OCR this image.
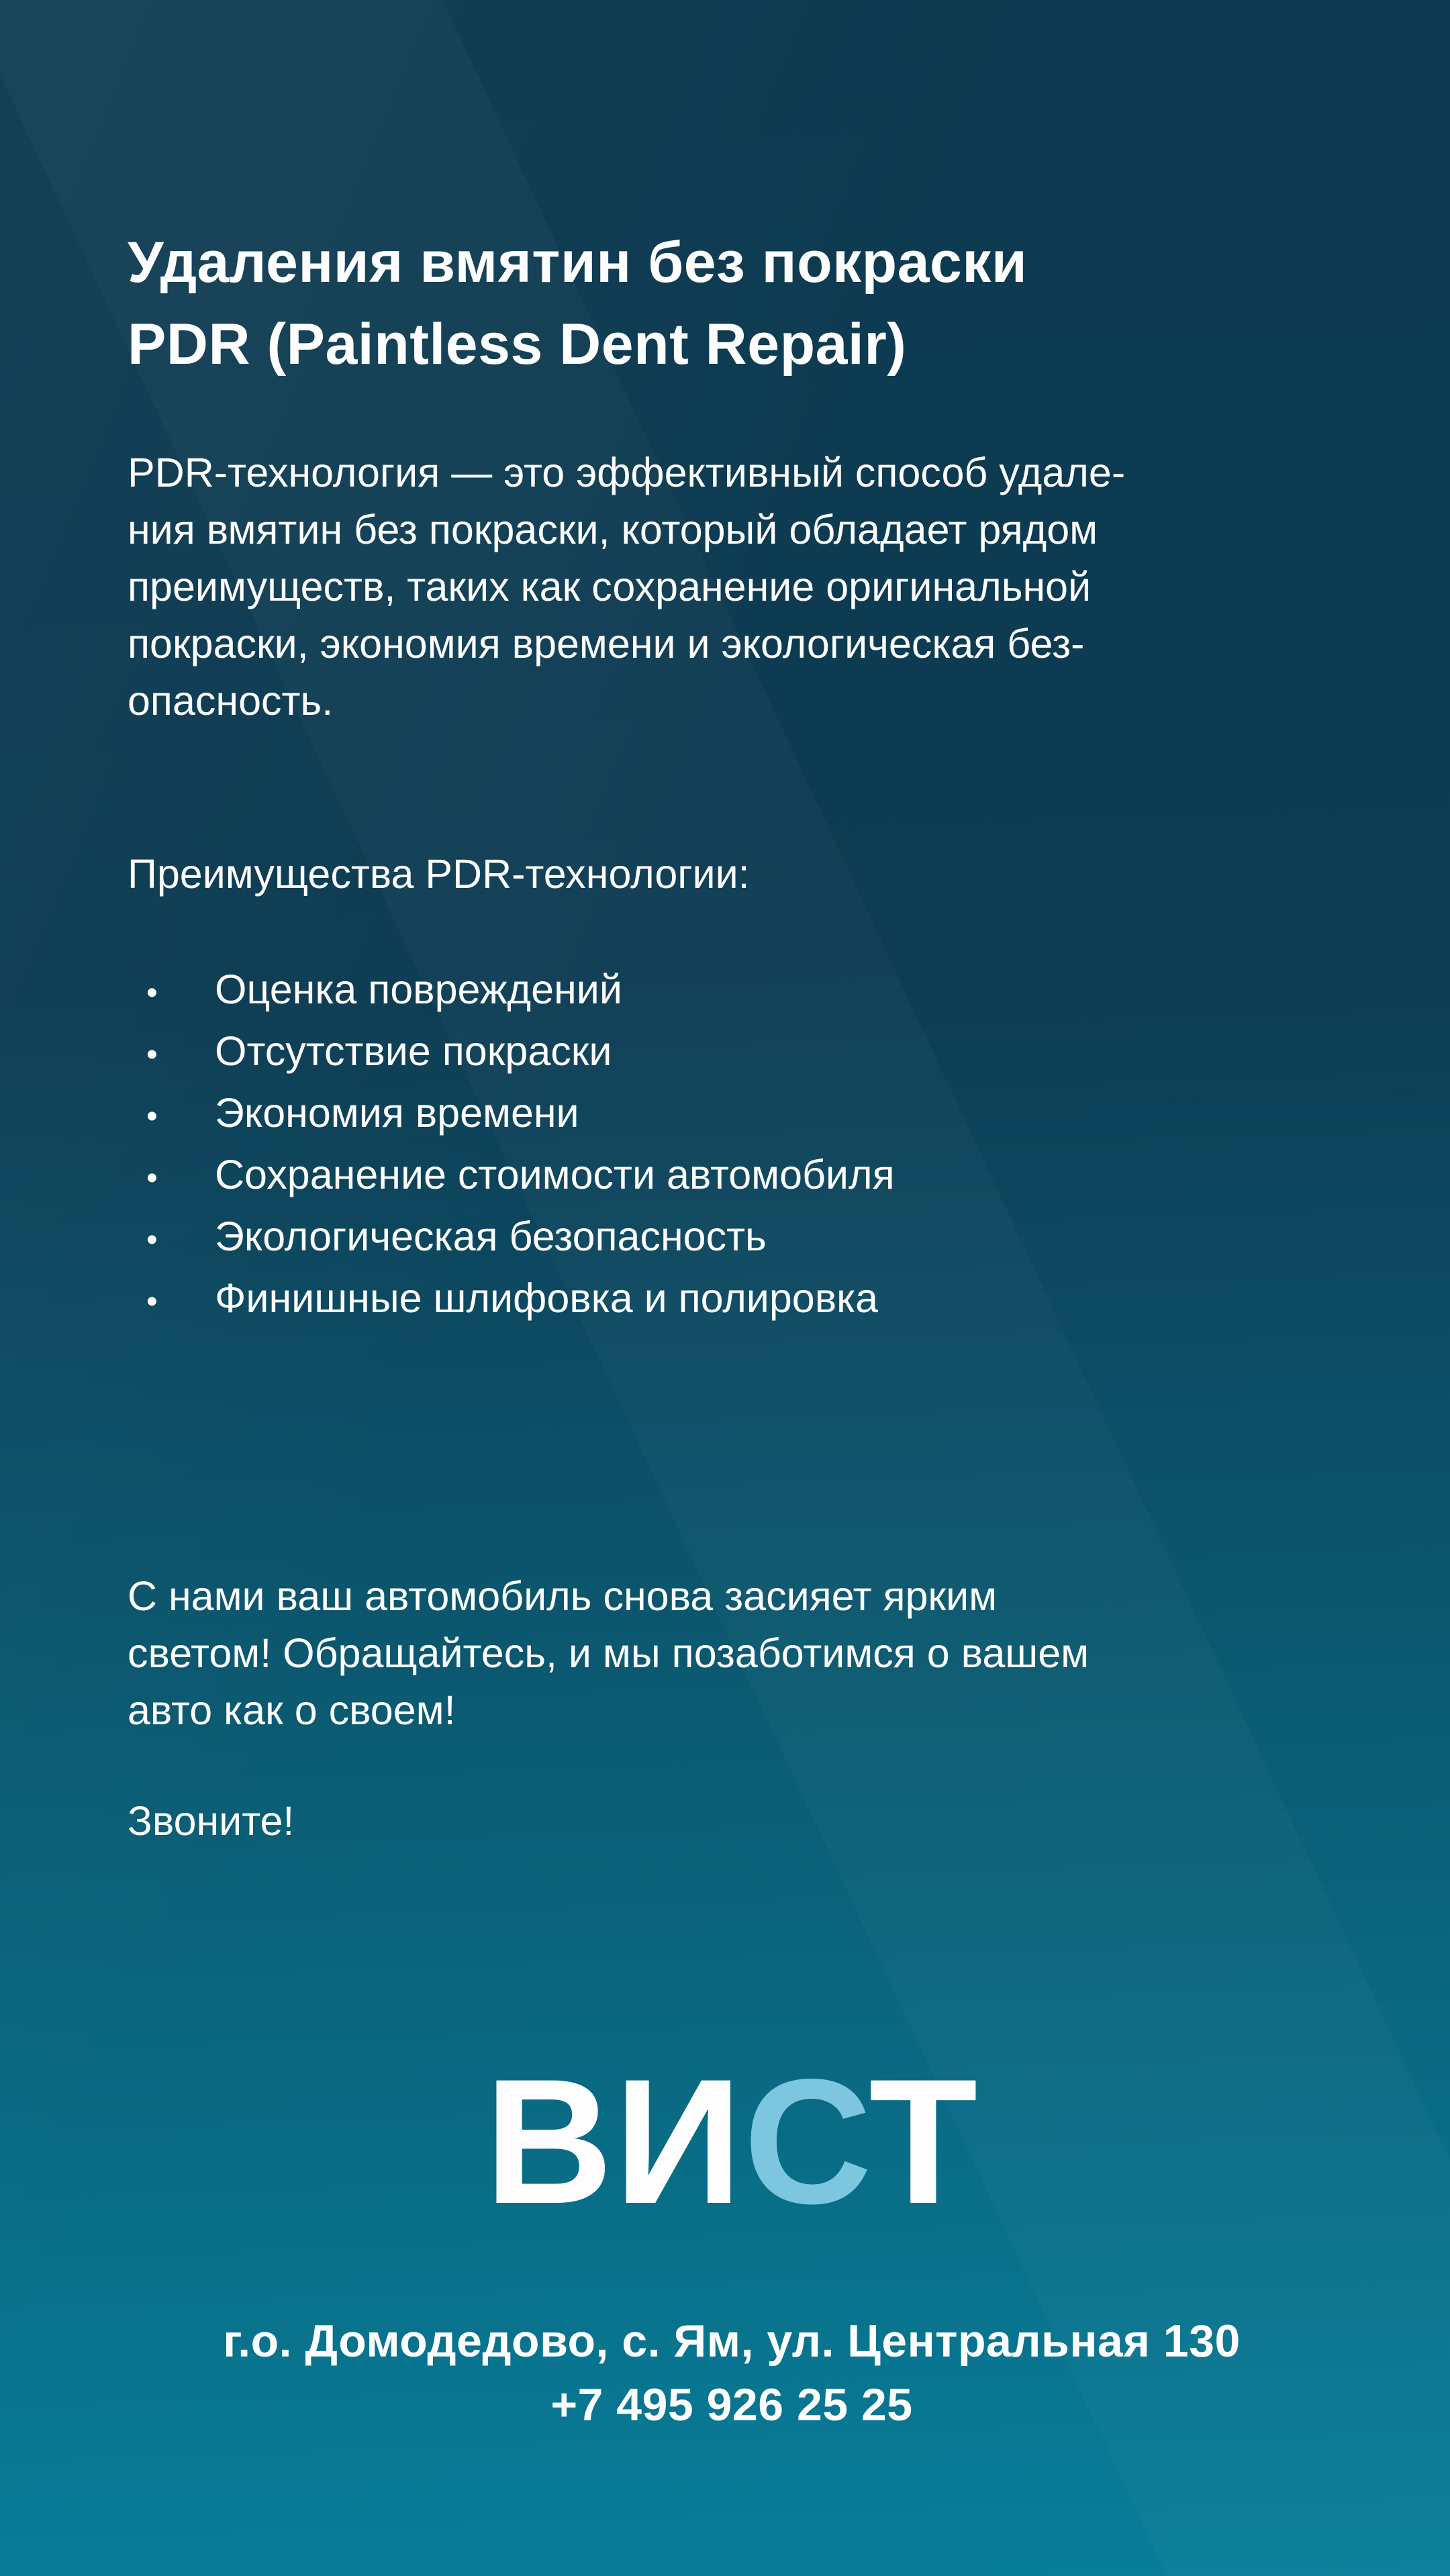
Удаления вмятин без покраски
PDR (Paintless Dent Repair)

PDR-технология — это эффективный способ удале-
ния вмятин без покраски, который обладает рядом
преимуществ, таких как сохранение оригинальной
покраски, экономия времени и экологическая без-
опасность.

Преимущества PDR-технологии:
•	Оценка повреждений
•	Отсутствие покраски
•	Экономия времени
•	Сохранение стоимости автомобиля
•	Экологическая безопасность
•	Финишные шлифовка и полировка

С нами ваш автомобиль снова засияет ярким
светом! Обращайтесь, и мы позаботимся о вашем
авто как о своем!

Звоните!

ВИСТ
г.о. Домодедово, с. Ям, ул. Центральная 130
+7 495 926 25 25
